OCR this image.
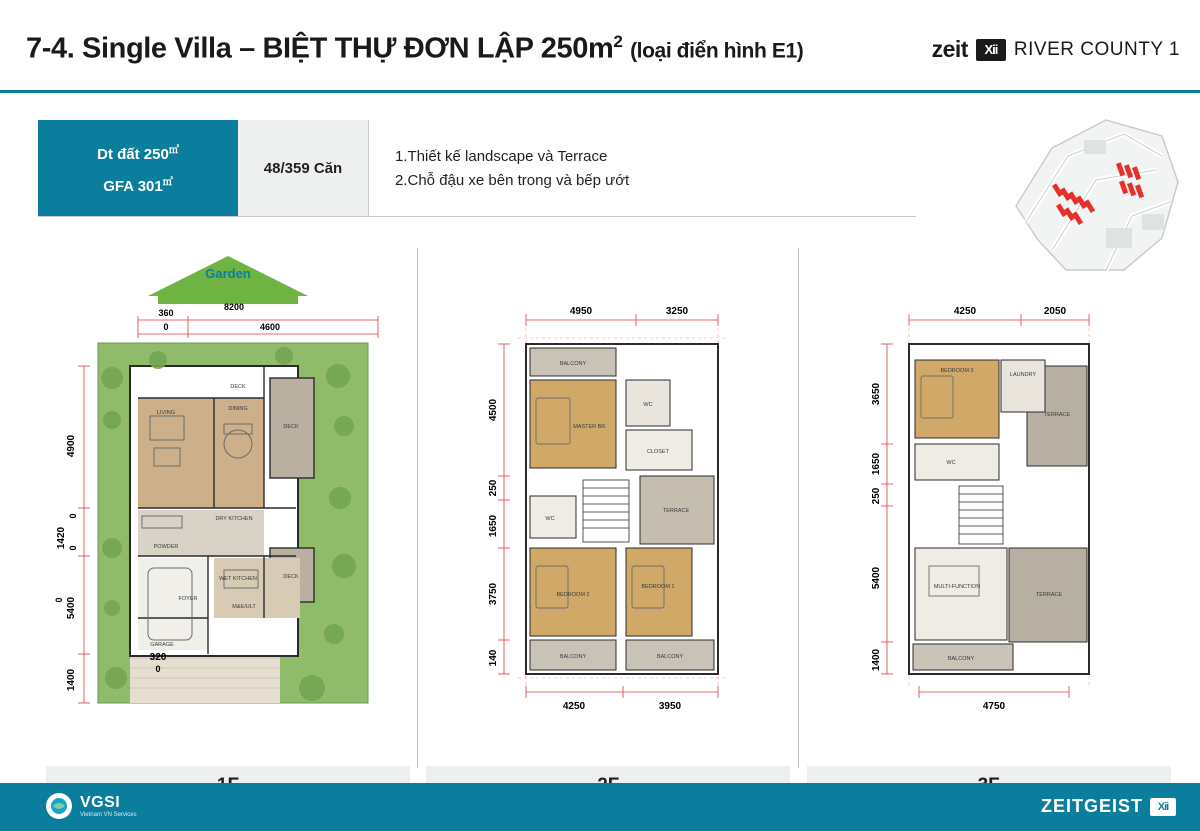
7-4. Single Villa – BIỆT THỰ ĐƠN LẬP $250m^2$ (loại điển hình E1)	zeit	Xii RIVER COUNTY 1
Dt đất 250㎡
GFA 301㎡
48/359 Căn
1.Thiết kế landscape và Terrace
2.Chỗ đậu xe bên trong và bếp ướt
Garden
360
0
8200
4600
DECK
LIVING
DINING
DECK
DRY KITCHEN
WET KITCHEN	DECK
POWDER
M&E/ULT
FOYER
GARAGE
4900
1420
0
0
5400
0
1400
320
0
4950	3250
BALCONY
MASTER BR.
WC
CLOSET
TERRACE
WC
BEDROOM 2
BEDROOM 1
BALCONY	BALCONY
4500
250
1650
3750
140
4250	3950
4250	2050
BEDROOM 3
LAUNDRY
TERRACE
WC
MULTI-FUNCTION
TERRACE
BALCONY
3650
1650
250
5400
1400
4750
VGSI
Vietnam VN Services	ZEITGEIST	Xii
